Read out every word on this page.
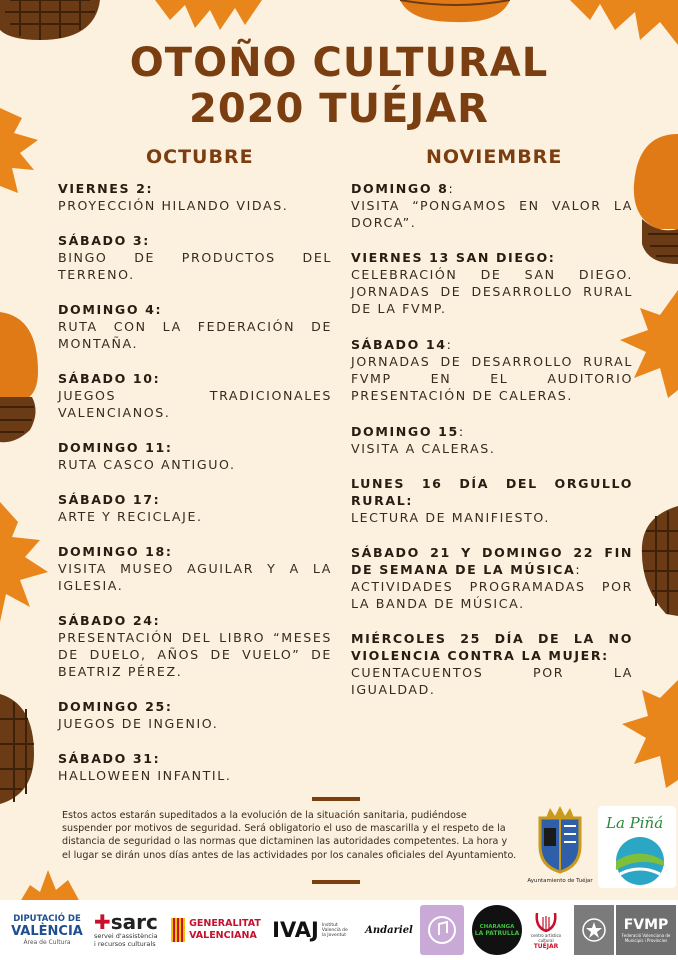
OTOÑO CULTURAL
2020 TUÉJAR
OCTUBRE	NOVIEMBRE
VIERNES 2:
PROYECCIÓN HILANDO VIDAS.
SÁBADO 3:
BINGO DE PRODUCTOS DEL TERRENO.
DOMINGO 4:
RUTA CON LA FEDERACIÓN DE MONTAÑA.
SÁBADO 10:
JUEGOS TRADICIONALES VALENCIANOS.
DOMINGO 11:
RUTA CASCO ANTIGUO.
SÁBADO 17:
ARTE Y RECICLAJE.
DOMINGO 18:
VISITA MUSEO AGUILAR Y A LA IGLESIA.
SÁBADO 24:
PRESENTACIÓN DEL LIBRO “MESES DE DUELO, AÑOS DE VUELO” DE BEATRIZ PÉREZ.
DOMINGO 25:
JUEGOS DE INGENIO.
SÁBADO 31:
HALLOWEEN INFANTIL.
DOMINGO 8:
VISITA “PONGAMOS EN VALOR LA DORCA”.
VIERNES 13 SAN DIEGO:
CELEBRACIÓN DE SAN DIEGO. JORNADAS DE DESARROLLO RURAL DE LA FVMP.
SÁBADO 14:
JORNADAS DE DESARROLLO RURAL FVMP EN EL AUDITORIO PRESENTACIÓN DE CALERAS.
DOMINGO 15:
VISITA A CALERAS.
LUNES 16 DÍA DEL ORGULLO RURAL:
LECTURA DE MANIFIESTO.
SÁBADO 21 Y DOMINGO 22 FIN DE SEMANA DE LA MÚSICA:
ACTIVIDADES PROGRAMADAS POR LA BANDA DE MÚSICA.
MIÉRCOLES 25 DÍA DE LA NO VIOLENCIA CONTRA LA MUJER:
CUENTACUENTOS POR LA IGUALDAD.

Estos actos estarán supeditados a la evolución de la situación sanitaria, pudiéndose suspender por motivos de seguridad. Será obligatorio el uso de mascarilla y el respeto de la distancia de seguridad o las normas que dictaminen las autoridades competentes. La hora y el lugar se dirán unos días antes de las actividades por los canales oficiales del Ayuntamiento.

Ayuntamiento de Tuéjar
La Piñá
DIPUTACIÓ DE
VALÈNCIA
Àrea de Cultura
✚sarc
servei d'assistència
i recursos culturals
GENERALITAT
VALENCIANA IVAJ Institut Valencià de la Joventut	Andariel	CHARANGA
LA PATRULLA	centro artístico cultural
TUÉJAR
FVMP
Federació Valenciana de Municipis i Províncies
